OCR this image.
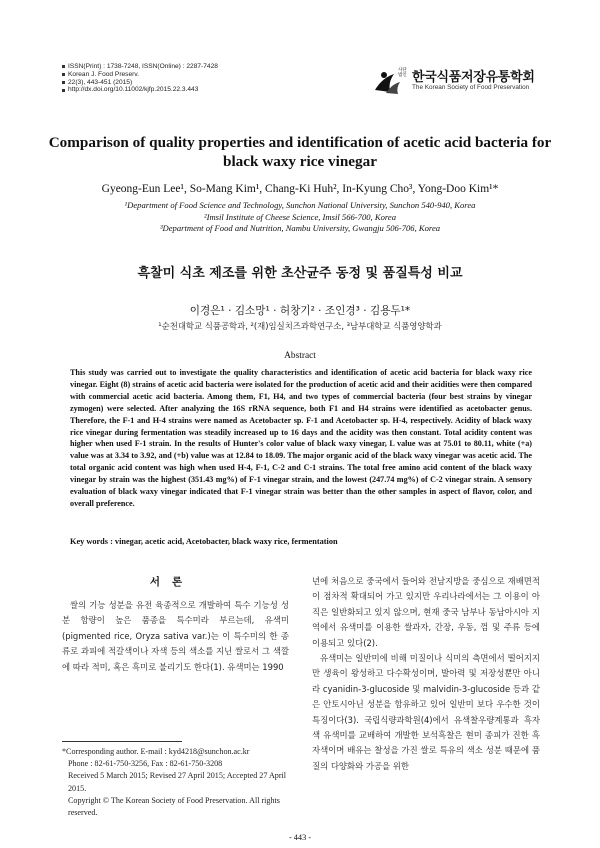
ISSN(Print) : 1738-7248, ISSN(Online) : 2287-7428
Korean J. Food Preserv.
22(3), 443-451 (2015)
http://dx.doi.org/10.11002/kjfp.2015.22.3.443
사단법인 한국식품저장유통학회
The Korean Society of Food Preservation
Comparison of quality properties and identification of acetic acid bacteria for black waxy rice vinegar
Gyeong-Eun Lee¹, So-Mang Kim¹, Chang-Ki Huh², In-Kyung Cho³, Yong-Doo Kim¹*
¹Department of Food Science and Technology, Sunchon National University, Sunchon 540-940, Korea
²Imsil Institute of Cheese Science, Imsil 566-700, Korea
³Department of Food and Nutrition, Nambu University, Gwangju 506-706, Korea
흑찰미 식초 제조를 위한 초산균주 동정 및 품질특성 비교
이경은¹ · 김소망¹ · 허창기² · 조인경³ · 김용두¹*
¹순천대학교 식품공학과, ²(재)임실치즈과학연구소, ³남부대학교 식품영양학과
Abstract
This study was carried out to investigate the quality characteristics and identification of acetic acid bacteria for black waxy rice vinegar. Eight (8) strains of acetic acid bacteria were isolated for the production of acetic acid and their acidities were then compared with commercial acetic acid bacteria. Among them, F1, H4, and two types of commercial bacteria (four best strains by vinegar zymogen) were selected. After analyzing the 16S rRNA sequence, both F1 and H4 strains were identified as acetobacter genus. Therefore, the F-1 and H-4 strains were named as Acetobacter sp. F-1 and Acetobacter sp. H-4, respectively. Acidity of black waxy rice vinegar during fermentation was steadily increased up to 16 days and the acidity was then constant. Total acidity content was higher when used F-1 strain. In the results of Hunter's color value of black waxy vinegar, L value was at 75.01 to 80.11, white (+a) value was at 3.34 to 3.92, and (+b) value was at 12.84 to 18.09. The major organic acid of the black waxy vinegar was acetic acid. The total organic acid content was high when used H-4, F-1, C-2 and C-1 strains. The total free amino acid content of the black waxy vinegar by strain was the highest (351.43 mg%) of F-1 vinegar strain, and the lowest (247.74 mg%) of C-2 vinegar strain. A sensory evaluation of black waxy vinegar indicated that F-1 vinegar strain was better than the other samples in aspect of flavor, color, and overall preference.
Key words : vinegar, acetic acid, Acetobacter, black waxy rice, fermentation
서론

쌀의 기능 성분을 유전 육종적으로 개발하여 특수 기능성 성분 함량이 높은 품종을 특수미라 부르는데, 유색미 (pigmented rice, Oryza sativa var.)는 이 특수미의 한 종류로 과피에 적갈색이나 자색 등의 색소를 지닌 쌀로서 그 색깔에 따라 적미, 혹은 흑미로 불리기도 한다(1). 유색미는 1990

년에 처음으로 중국에서 들어와 전남지방을 중심으로 재배면적이 점차적 확대되어 가고 있지만 우리나라에서는 그 이용이 아직은 일반화되고 있지 않으며, 현재 중국 남부나 동남아시아 지역에서 유색미를 이용한 쌀과자, 간장, 우동, 껌 및 주류 등에 이용되고 있다(2).

유색미는 일반미에 비해 미질이나 식미의 측면에서 떨어지지만 생육이 왕성하고 다수확성이며, 발아력 및 저장성뿐만 아니라 cyanidin-3-glucoside 및 malvidin-3-glucoside 등과 같은 안토시아닌 성분을 함유하고 있어 일반미 보다 우수한 것이 특징이다(3). 국립식량과학원(4)에서 유색찰우량계통과 흑자색 유색미를 교배하여 개발한 보석흑찰은 현미 종피가 진한 흑자색이며 배유는 찰성을 가진 쌀로 특유의 색소 성분 때문에 품질의 다양화와 가공을 위한

*Corresponding author. E-mail : kyd4218@sunchon.ac.kr
Phone : 82-61-750-3256, Fax : 82-61-750-3208
Received 5 March 2015; Revised 27 April 2015; Accepted 27 April 2015.
Copyright © The Korean Society of Food Preservation. All rights reserved.
- 443 -
